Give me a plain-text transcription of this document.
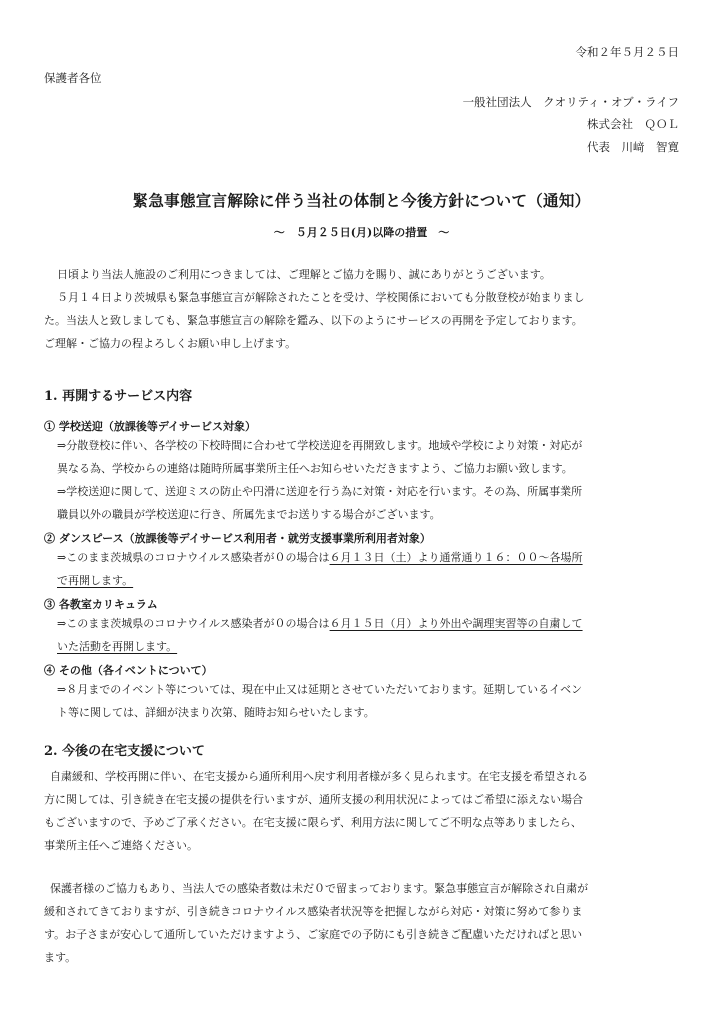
令和２年５月２５日
保護者各位
一般社団法人　クオリティ・オブ・ライフ
株式会社　ＱＯＬ
代表　川﨑　智寛
緊急事態宣言解除に伴う当社の体制と今後方針について（通知）
～　５月２５日(月)以降の措置　～
日頃より当法人施設のご利用につきましては、ご理解とご協力を賜り、誠にありがとうございます。
５月１４日より茨城県も緊急事態宣言が解除されたことを受け、学校関係においても分散登校が始まりまし
た。当法人と致しましても、緊急事態宣言の解除を鑑み、以下のようにサービスの再開を予定しております。
ご理解・ご協力の程よろしくお願い申し上げます。
1. 再開するサービス内容
① 学校送迎（放課後等デイサービス対象）
⇒分散登校に伴い、各学校の下校時間に合わせて学校送迎を再開致します。地域や学校により対策・対応が
異なる為、学校からの連絡は随時所属事業所主任へお知らせいただきますよう、ご協力お願い致します。
⇒学校送迎に関して、送迎ミスの防止や円滑に送迎を行う為に対策・対応を行います。その為、所属事業所
職員以外の職員が学校送迎に行き、所属先までお送りする場合がございます。
② ダンスピース（放課後等デイサービス利用者・就労支援事業所利用者対象）
⇒このまま茨城県のコロナウイルス感染者が０の場合は６月１３日（土）より通常通り１６：００～各場所
で再開します。
③ 各教室カリキュラム
⇒このまま茨城県のコロナウイルス感染者が０の場合は６月１５日（月）より外出や調理実習等の自粛して
いた活動を再開します。
④ その他（各イベントについて）
⇒８月までのイベント等については、現在中止又は延期とさせていただいております。延期しているイベン
ト等に関しては、詳細が決まり次第、随時お知らせいたします。
2. 今後の在宅支援について
自粛緩和、学校再開に伴い、在宅支援から通所利用へ戻す利用者様が多く見られます。在宅支援を希望される
方に関しては、引き続き在宅支援の提供を行いますが、通所支援の利用状況によってはご希望に添えない場合
もございますので、予めご了承ください。在宅支援に限らず、利用方法に関してご不明な点等ありましたら、
事業所主任へご連絡ください。
保護者様のご協力もあり、当法人での感染者数は未だ０で留まっております。緊急事態宣言が解除され自粛が
緩和されてきておりますが、引き続きコロナウイルス感染者状況等を把握しながら対応・対策に努めて参りま
す。お子さまが安心して通所していただけますよう、ご家庭での予防にも引き続きご配慮いただければと思い
ます。
